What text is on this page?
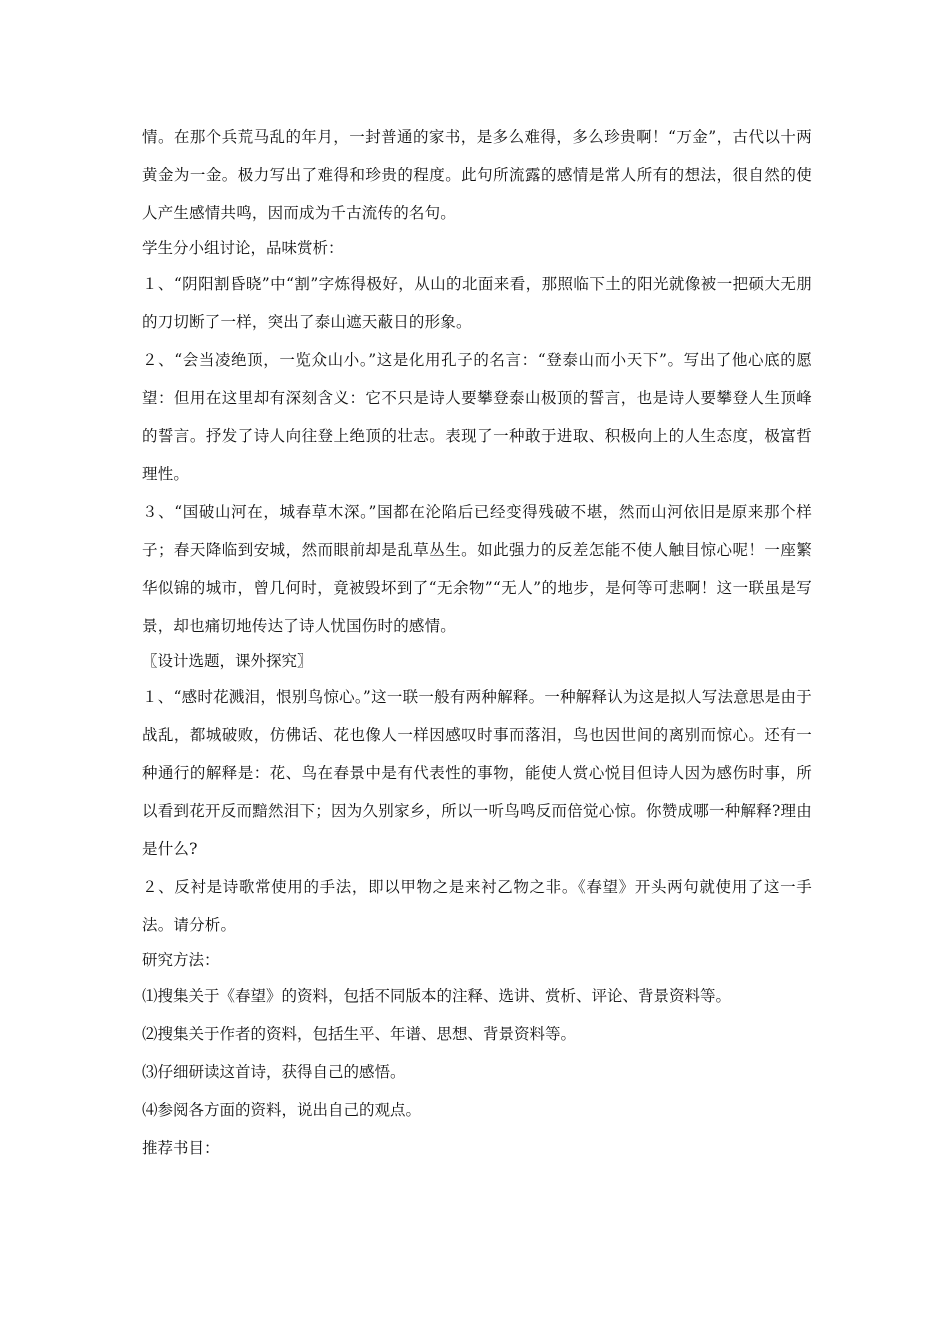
情。在那个兵荒马乱的年月，一封普通的家书，是多么难得，多么珍贵啊！“万金”，古代以十两黄金为一金。极力写出了难得和珍贵的程度。此句所流露的感情是常人所有的想法，很自然的使人产生感情共鸣，因而成为千古流传的名句。

学生分小组讨论，品味赏析：

１、“阴阳割昏晓”中“割”字炼得极好，从山的北面来看，那照临下土的阳光就像被一把硕大无朋的刀切断了一样，突出了泰山遮天蔽日的形象。

２、“会当凌绝顶，一览众山小。”这是化用孔子的名言：“登泰山而小天下”。写出了他心底的愿望：但用在这里却有深刻含义：它不只是诗人要攀登泰山极顶的誓言，也是诗人要攀登人生顶峰的誓言。抒发了诗人向往登上绝顶的壮志。表现了一种敢于进取、积极向上的人生态度，极富哲理性。

３、“国破山河在，城春草木深。”国都在沦陷后已经变得残破不堪，然而山河依旧是原来那个样子；春天降临到安城，然而眼前却是乱草丛生。如此强力的反差怎能不使人触目惊心呢！一座繁华似锦的城市，曾几何时，竟被毁坏到了“无余物”“无人”的地步，是何等可悲啊！这一联虽是写景，却也痛切地传达了诗人忧国伤时的感情。

〖设计选题，课外探究〗

１、“感时花溅泪，恨别鸟惊心。”这一联一般有两种解释。一种解释认为这是拟人写法意思是由于战乱，都城破败，仿佛话、花也像人一样因感叹时事而落泪，鸟也因世间的离别而惊心。还有一种通行的解释是：花、鸟在春景中是有代表性的事物，能使人赏心悦目但诗人因为感伤时事，所以看到花开反而黯然泪下；因为久别家乡，所以一听鸟鸣反而倍觉心惊。你赞成哪一种解释?理由是什么?

２、反衬是诗歌常使用的手法，即以甲物之是来衬乙物之非。《春望》开头两句就使用了这一手法。请分析。

研究方法：

⑴搜集关于《春望》的资料，包括不同版本的注释、选讲、赏析、评论、背景资料等。

⑵搜集关于作者的资料，包括生平、年谱、思想、背景资料等。

⑶仔细研读这首诗，获得自己的感悟。

⑷参阅各方面的资料，说出自己的观点。

推荐书目：
